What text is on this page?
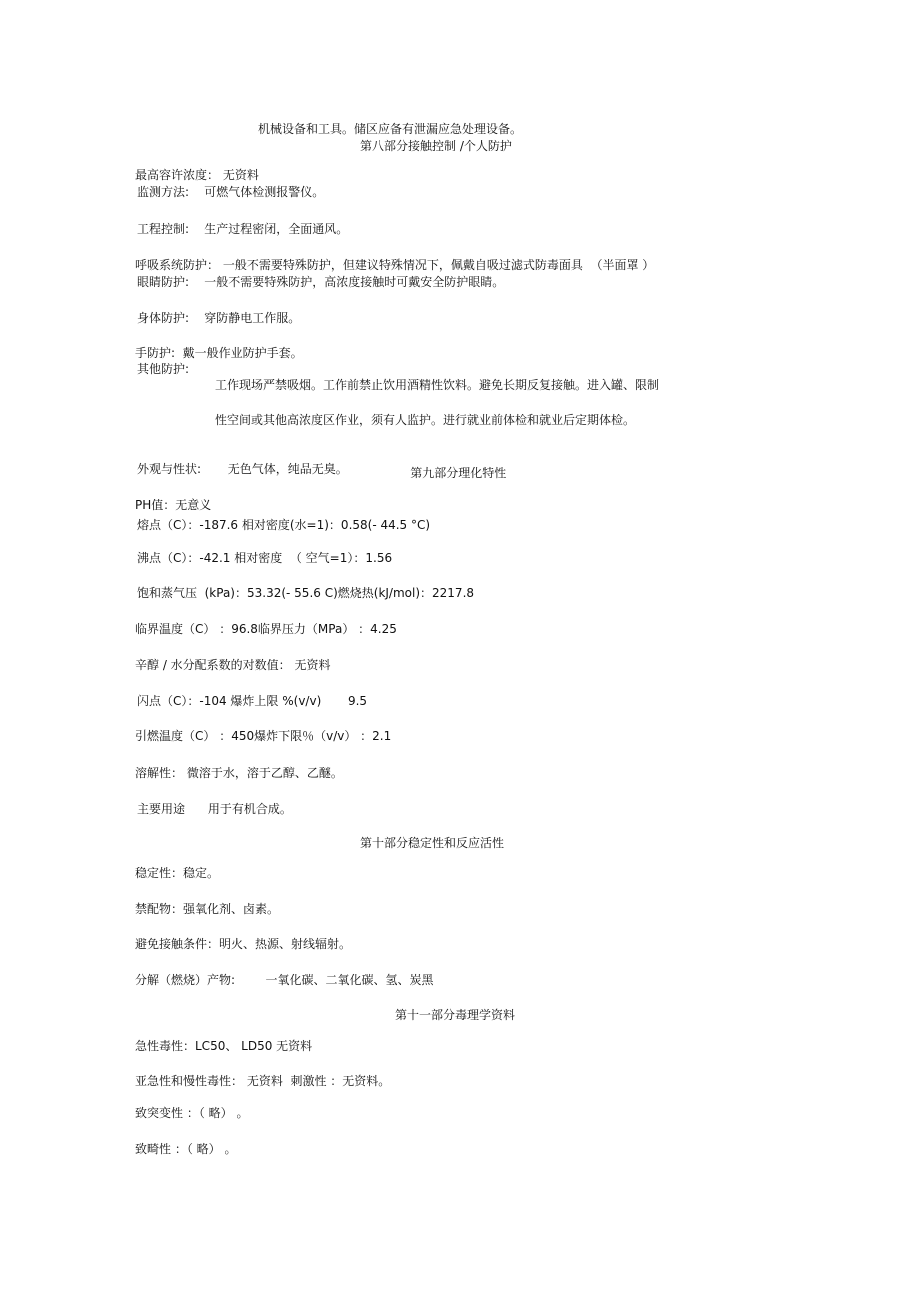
机械设备和工具。储区应备有泄漏应急处理设备。
第八部分接触控制 /个人防护
最高容许浓度： 无资料
监测方法:    可燃气体检测报警仪。
工程控制:    生产过程密闭，全面通风。
呼吸系统防护： 一般不需要特殊防护，但建议特殊情况下，佩戴自吸过滤式防毒面具  （半面罩 ）
眼睛防护:    一般不需要特殊防护，高浓度接触时可戴安全防护眼睛。
身体防护:    穿防静电工作服。
手防护:  戴一般作业防护手套。
其他防护:
工作现场严禁吸烟。工作前禁止饮用酒精性饮料。避免长期反复接触。进入罐、限制
性空间或其他高浓度区作业，须有人监护。进行就业前体检和就业后定期体检。

第九部分理化特性

外观与性状:       无色气体，纯品无臭。
PH值：无意义
熔点（C）：-187.6 相对密度(水=1)：0.58(- 44.5 °C)
沸点（C）：-42.1 相对密度  （ 空气=1）：1.56
饱和蒸气压  (kPa)：53.32(- 55.6 C)燃烧热(kJ/mol)：2217.8
临界温度（C） ：96.8临界压力（MPa） ：4.25
辛醇 / 水分配系数的对数值： 无资料
闪点（C）：-104 爆炸上限 %(v/v)       9.5
引燃温度（C） ：450爆炸下限％（v/v） ：2.1
溶解性： 微溶于水，溶于乙醇、乙醚。
主要用途      用于有机合成。
第十部分稳定性和反应活性
稳定性：稳定。
禁配物：强氧化剂、卤素。
避免接触条件：明火、热源、射线辐射。
分解（燃烧）产物:        一氧化碳、二氧化碳、氢、炭黑
第十一部分毒理学资料
急性毒性：LC50、 LD50 无资料
亚急性和慢性毒性： 无资料  刺激性 ：无资料。
致突变性 ：（ 略） 。
致畸性 ：（ 略） 。
